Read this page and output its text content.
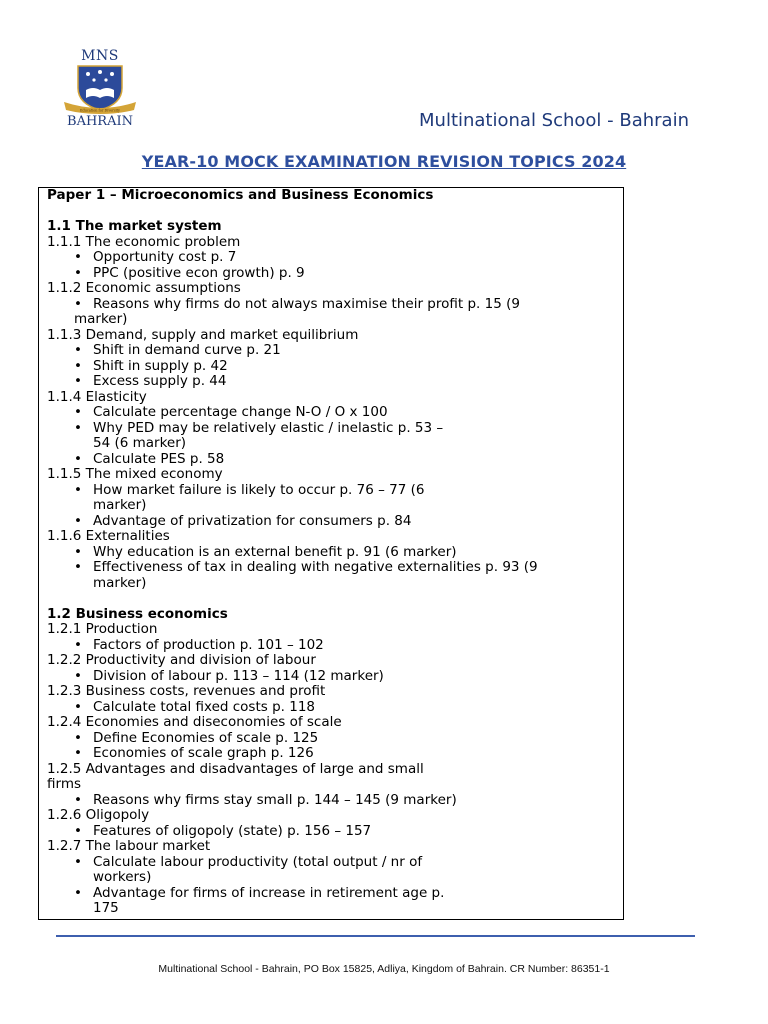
MNS
Education for Diversity
BAHRAIN	Multinational School - Bahrain
YEAR-10 MOCK EXAMINATION REVISION TOPICS 2024
Paper 1 – Microeconomics and Business Economics
1.1 The market system
1.1.1 The economic problem
• Opportunity cost p. 7
• PPC (positive econ growth) p. 9
1.1.2 Economic assumptions
• Reasons why firms do not always maximise their profit p. 15 (9
marker)
1.1.3 Demand, supply and market equilibrium
• Shift in demand curve p. 21
• Shift in supply p. 42
• Excess supply p. 44
1.1.4 Elasticity
• Calculate percentage change N-O / O x 100
• Why PED may be relatively elastic / inelastic p. 53 –
54 (6 marker)
• Calculate PES p. 58
1.1.5 The mixed economy
• How market failure is likely to occur p. 76 – 77 (6
marker)
• Advantage of privatization for consumers p. 84
1.1.6 Externalities
• Why education is an external benefit p. 91 (6 marker)
• Effectiveness of tax in dealing with negative externalities p. 93 (9
marker)
1.2 Business economics
1.2.1 Production
• Factors of production p. 101 – 102
1.2.2 Productivity and division of labour
• Division of labour p. 113 – 114 (12 marker)
1.2.3 Business costs, revenues and profit
• Calculate total fixed costs p. 118
1.2.4 Economies and diseconomies of scale
• Define Economies of scale p. 125
• Economies of scale graph p. 126
1.2.5 Advantages and disadvantages of large and small
firms
• Reasons why firms stay small p. 144 – 145 (9 marker)
1.2.6 Oligopoly
• Features of oligopoly (state) p. 156 – 157
1.2.7 The labour market
• Calculate labour productivity (total output / nr of
workers)
• Advantage for firms of increase in retirement age p.
175
Multinational School - Bahrain, PO Box 15825, Adliya, Kingdom of Bahrain. CR Number: 86351-1
